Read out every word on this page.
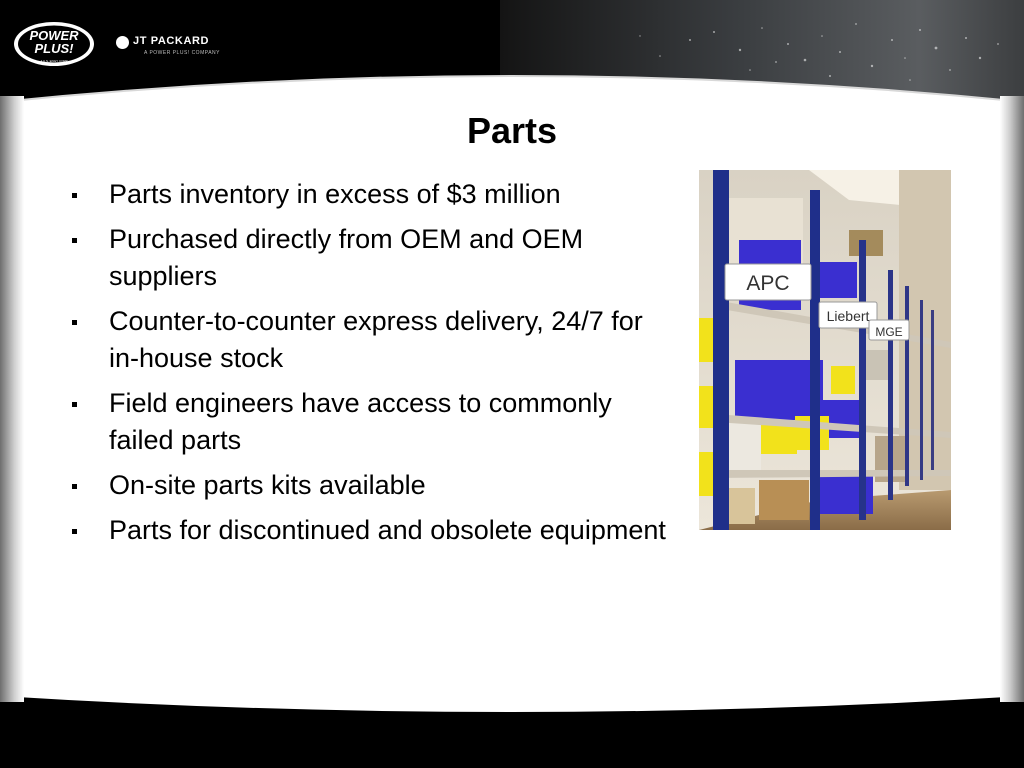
POWER
PLUS!
A U.S. ENGY CORP
JT PACKARD
A POWER PLUS! COMPANY
Parts
Parts inventory in excess of $3 million
Purchased directly from OEM and OEM suppliers
Counter-to-counter express delivery, 24/7 for in-house stock
Field engineers have access to commonly failed parts
On-site parts kits available
Parts for discontinued and obsolete equipment
APC
Liebert
MGE
